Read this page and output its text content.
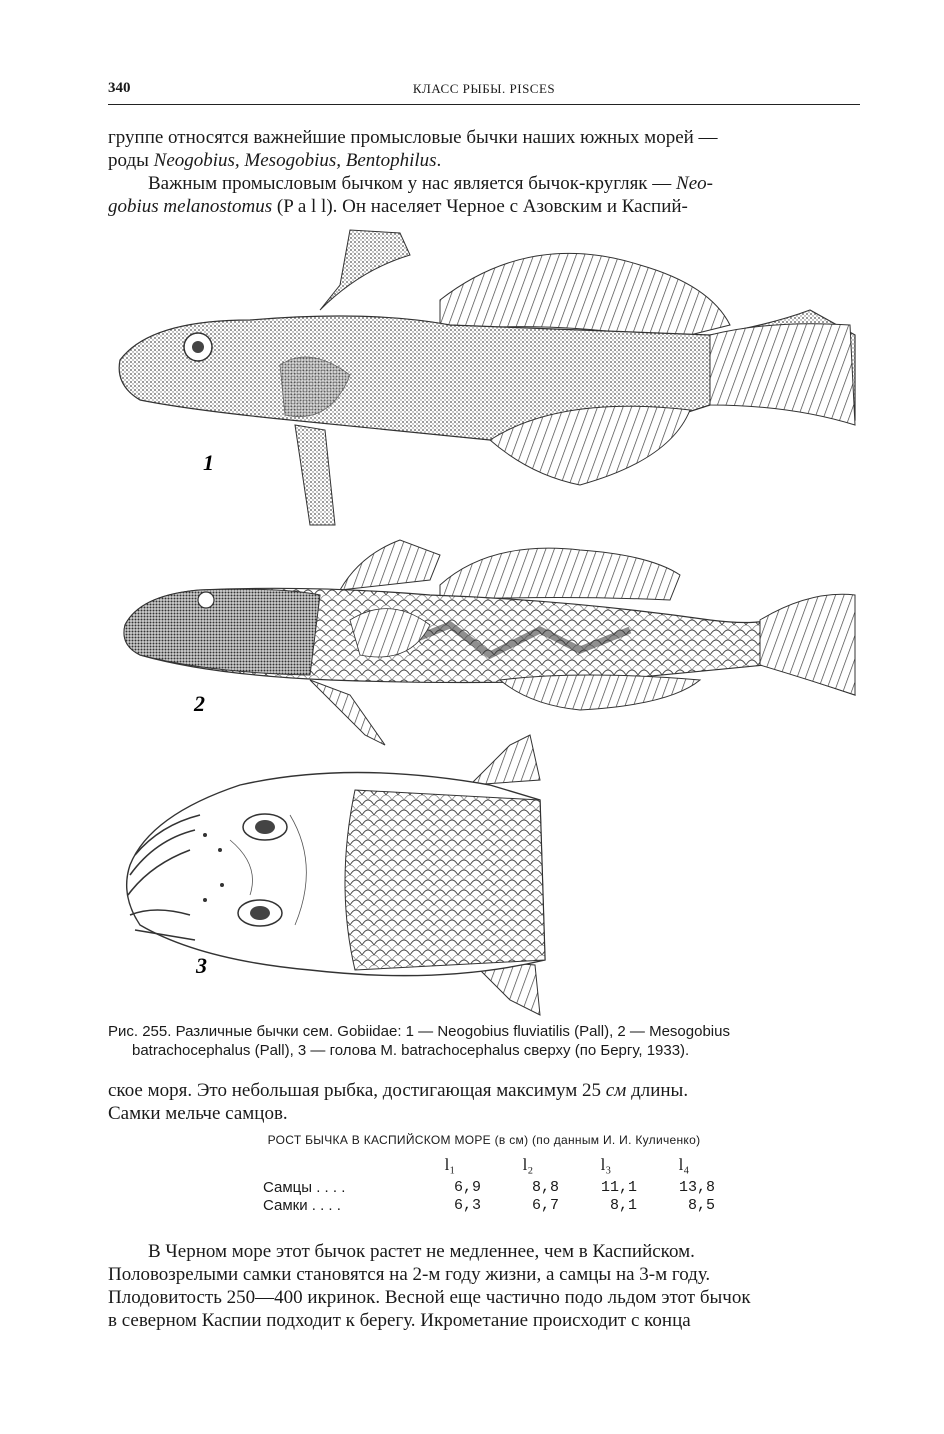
340	КЛАСС РЫБЫ. PISCES
группе относятся важнейшие промысловые бычки наших южных морей —
роды Neogobius, Mesogobius, Bentophilus.
Важным промысловым бычком у нас является бычок-кругляк — Neo-
gobius melanostomus (P a l l). Он населяет Черное с Азовским и Каспий-
1
2
3
Рис. 255. Различные бычки сем. Gobiidae: 1 — Neogobius fluviatilis (Pall), 2 — Mesogobius
batrachocephalus (Pall), 3 — голова M. batrachocephalus сверху (по Бергу, 1933).
ское моря. Это небольшая рыбка, достигающая максимум 25 см длины.
Самки мельче самцов.
РОСТ БЫЧКА В КАСПИЙСКОМ МОРЕ (в см) (по данным И. И. Куличенко)
	l₁	l₂	l₃	l₄
Самцы . . . .	6,9	8,8	11,1	13,8
Самки . . . .	6,3	6,7	8,1	8,5
В Черном море этот бычок растет не медленнее, чем в Каспийском.
Половозрелыми самки становятся на 2-м году жизни, а самцы на 3-м году.
Плодовитость 250—400 икринок. Весной еще частично подо льдом этот бычок
в северном Каспии подходит к берегу. Икрометание происходит с конца
